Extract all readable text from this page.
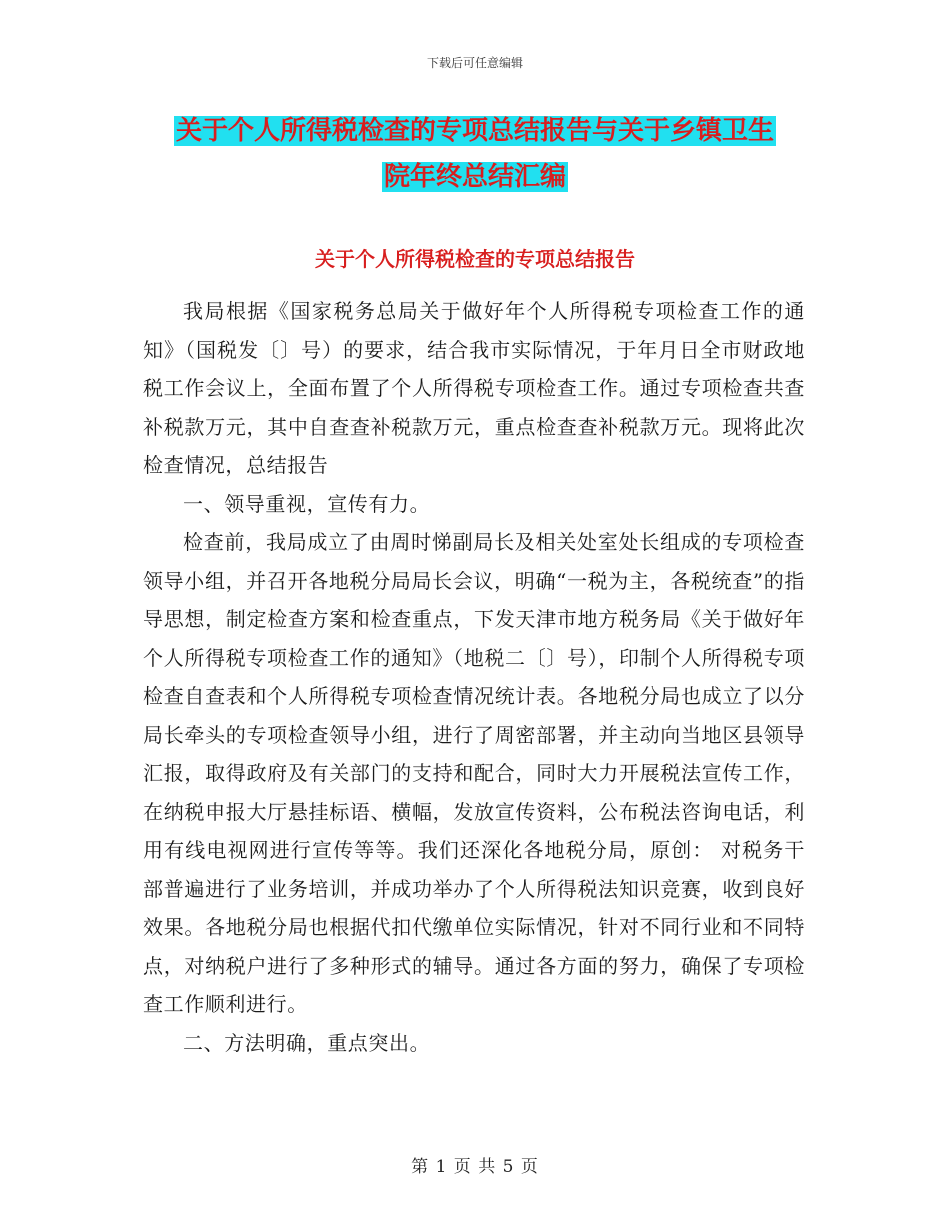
下载后可任意编辑
关于个人所得税检查的专项总结报告与关于乡镇卫生
院年终总结汇编
关于个人所得税检查的专项总结报告

我局根据《国家税务总局关于做好年个人所得税专项检查工作的通知》（国税发〔〕号）的要求，结合我市实际情况，于年月日全市财政地税工作会议上，全面布置了个人所得税专项检查工作。通过专项检查共查补税款万元，其中自查查补税款万元，重点检查查补税款万元。现将此次检查情况，总结报告

一、领导重视，宣传有力。

检查前，我局成立了由周时悌副局长及相关处室处长组成的专项检查领导小组，并召开各地税分局局长会议，明确“一税为主，各税统查”的指导思想，制定检查方案和检查重点，下发天津市地方税务局《关于做好年个人所得税专项检查工作的通知》（地税二〔〕号），印制个人所得税专项检查自查表和个人所得税专项检查情况统计表。各地税分局也成立了以分局长牵头的专项检查领导小组，进行了周密部署，并主动向当地区县领导汇报，取得政府及有关部门的支持和配合，同时大力开展税法宣传工作，在纳税申报大厅悬挂标语、横幅，发放宣传资料，公布税法咨询电话，利用有线电视网进行宣传等等。我们还深化各地税分局，原创： 对税务干部普遍进行了业务培训，并成功举办了个人所得税法知识竞赛，收到良好效果。各地税分局也根据代扣代缴单位实际情况，针对不同行业和不同特点，对纳税户进行了多种形式的辅导。通过各方面的努力，确保了专项检查工作顺利进行。

二、方法明确，重点突出。

第 1 页 共 5 页
